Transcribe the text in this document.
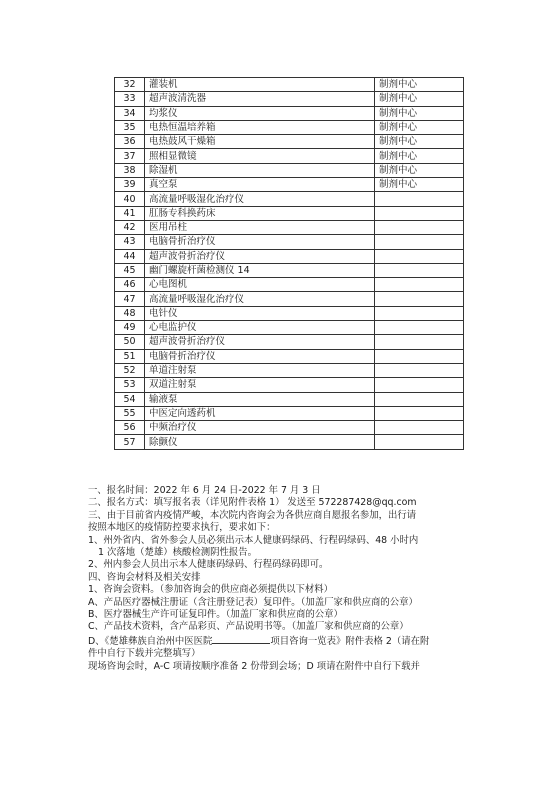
32	灌装机	制剂中心
33	超声波清洗器	制剂中心
34	均浆仪	制剂中心
35	电热恒温培养箱	制剂中心
36	电热鼓风干燥箱	制剂中心
37	照相显微镜	制剂中心
38	除湿机	制剂中心
39	真空泵	制剂中心
40	高流量呼吸湿化治疗仪	
41	肛肠专科换药床	
42	医用吊柱	
43	电脑骨折治疗仪	
44	超声波骨折治疗仪	
45	幽门螺旋杆菌检测仪 14	
46	心电图机	
47	高流量呼吸湿化治疗仪	
48	电针仪	
49	心电监护仪	
50	超声波骨折治疗仪	
51	电脑骨折治疗仪	
52	单道注射泵	
53	双道注射泵	
54	输液泵	
55	中医定向透药机	
56	中频治疗仪	
57	除颤仪	

一、报名时间：2022 年 6 月 24 日-2022 年 7 月 3 日

二、报名方式：填写报名表（详见附件表格 1） 发送至 572287428@qq.com

三、由于目前省内疫情严峻，本次院内咨询会为各供应商自愿报名参加，出行请

按照本地区的疫情防控要求执行，要求如下：

1、州外省内、省外参会人员必须出示本人健康码绿码、行程码绿码、48 小时内

1 次落地（楚雄）核酸检测阴性报告。

2、州内参会人员出示本人健康码绿码、行程码绿码即可。

四、咨询会材料及相关安排

1、咨询会资料。（参加咨询会的供应商必须提供以下材料）

A、产品医疗器械注册证（含注册登记表）复印件。（加盖厂家和供应商的公章）

B、医疗器械生产许可证复印件。（加盖厂家和供应商的公章）

C、产品技术资料，含产品彩页、产品说明书等。（加盖厂家和供应商的公章）

D、《楚雄彝族自治州中医医院	项目咨询一览表》附件表格 2（请在附

件中自行下载并完整填写）

现场咨询会时，A-C 项请按顺序准备 2 份带到会场；D 项请在附件中自行下载并
